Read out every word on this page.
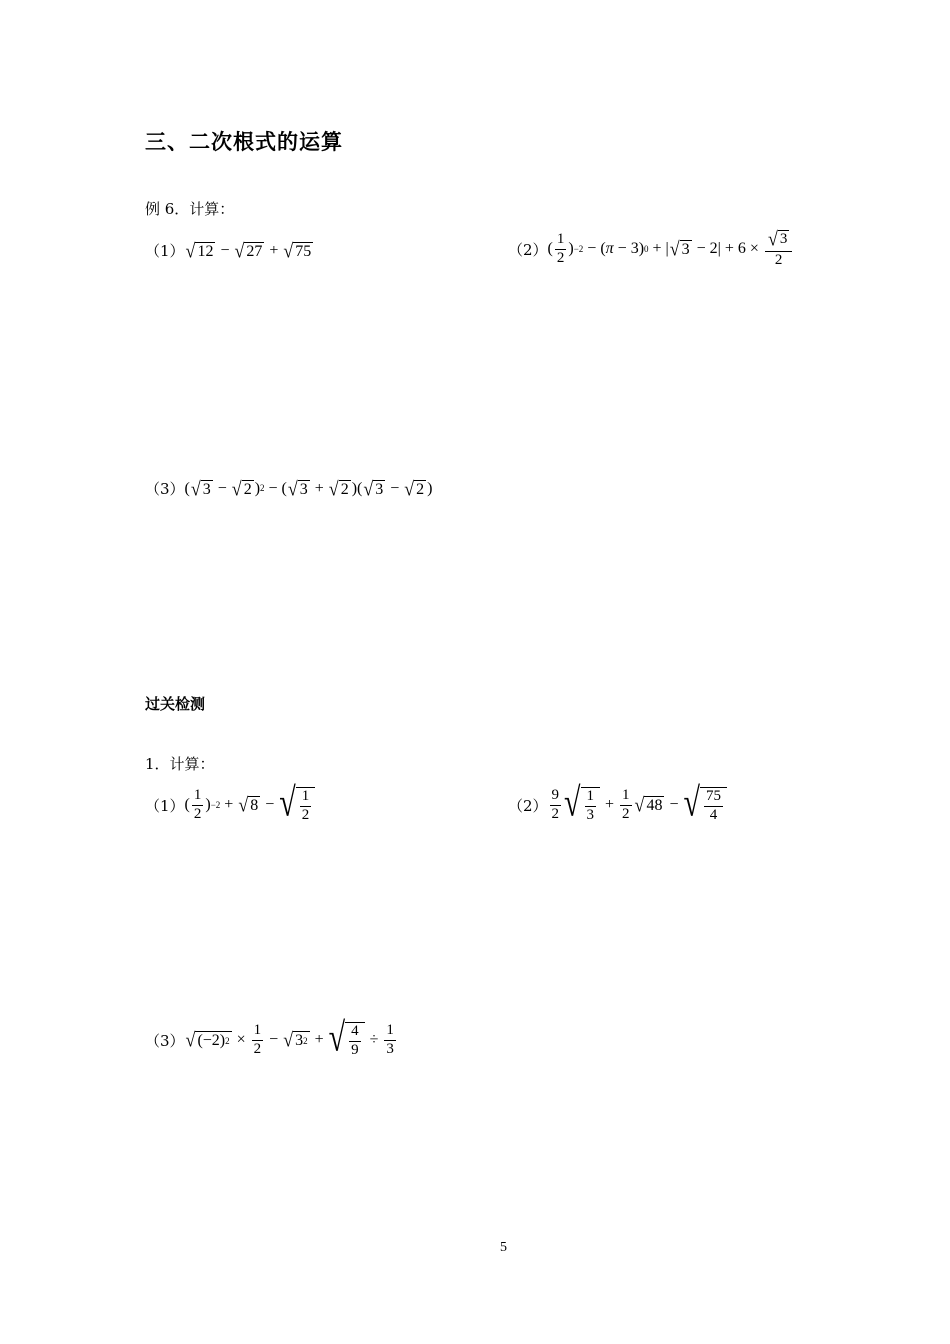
三、二次根式的运算
例 6．计算：
（1） √ 12 − √ 27 + √ 75	（2） ( $\frac{1}{2}$ ) −2 − ( π − 3) 0 + | √ $3 - 2| + 6 \times \frac{√ 3}{2}$
（3） ( √ 3 − √ 2 ) 2 − ( √ 3 + √ 2 )( √ 3 − √ 2 )
过关检测
1．计算：
（1） ( $\frac{1}{2}$ ) −2 + √ 8 − √ $\frac{1}{2}$	$(2) \frac{9}{2}$ √ $\frac{1}{3} + \frac{1}{2}$ √ 48 − √ $\frac{75}{4}$
（3） √ (−2) $2 \times \frac{1}{2}$ − √ 3 2 + √ $\frac{4}{9} \div \frac{1}{3}$
5
